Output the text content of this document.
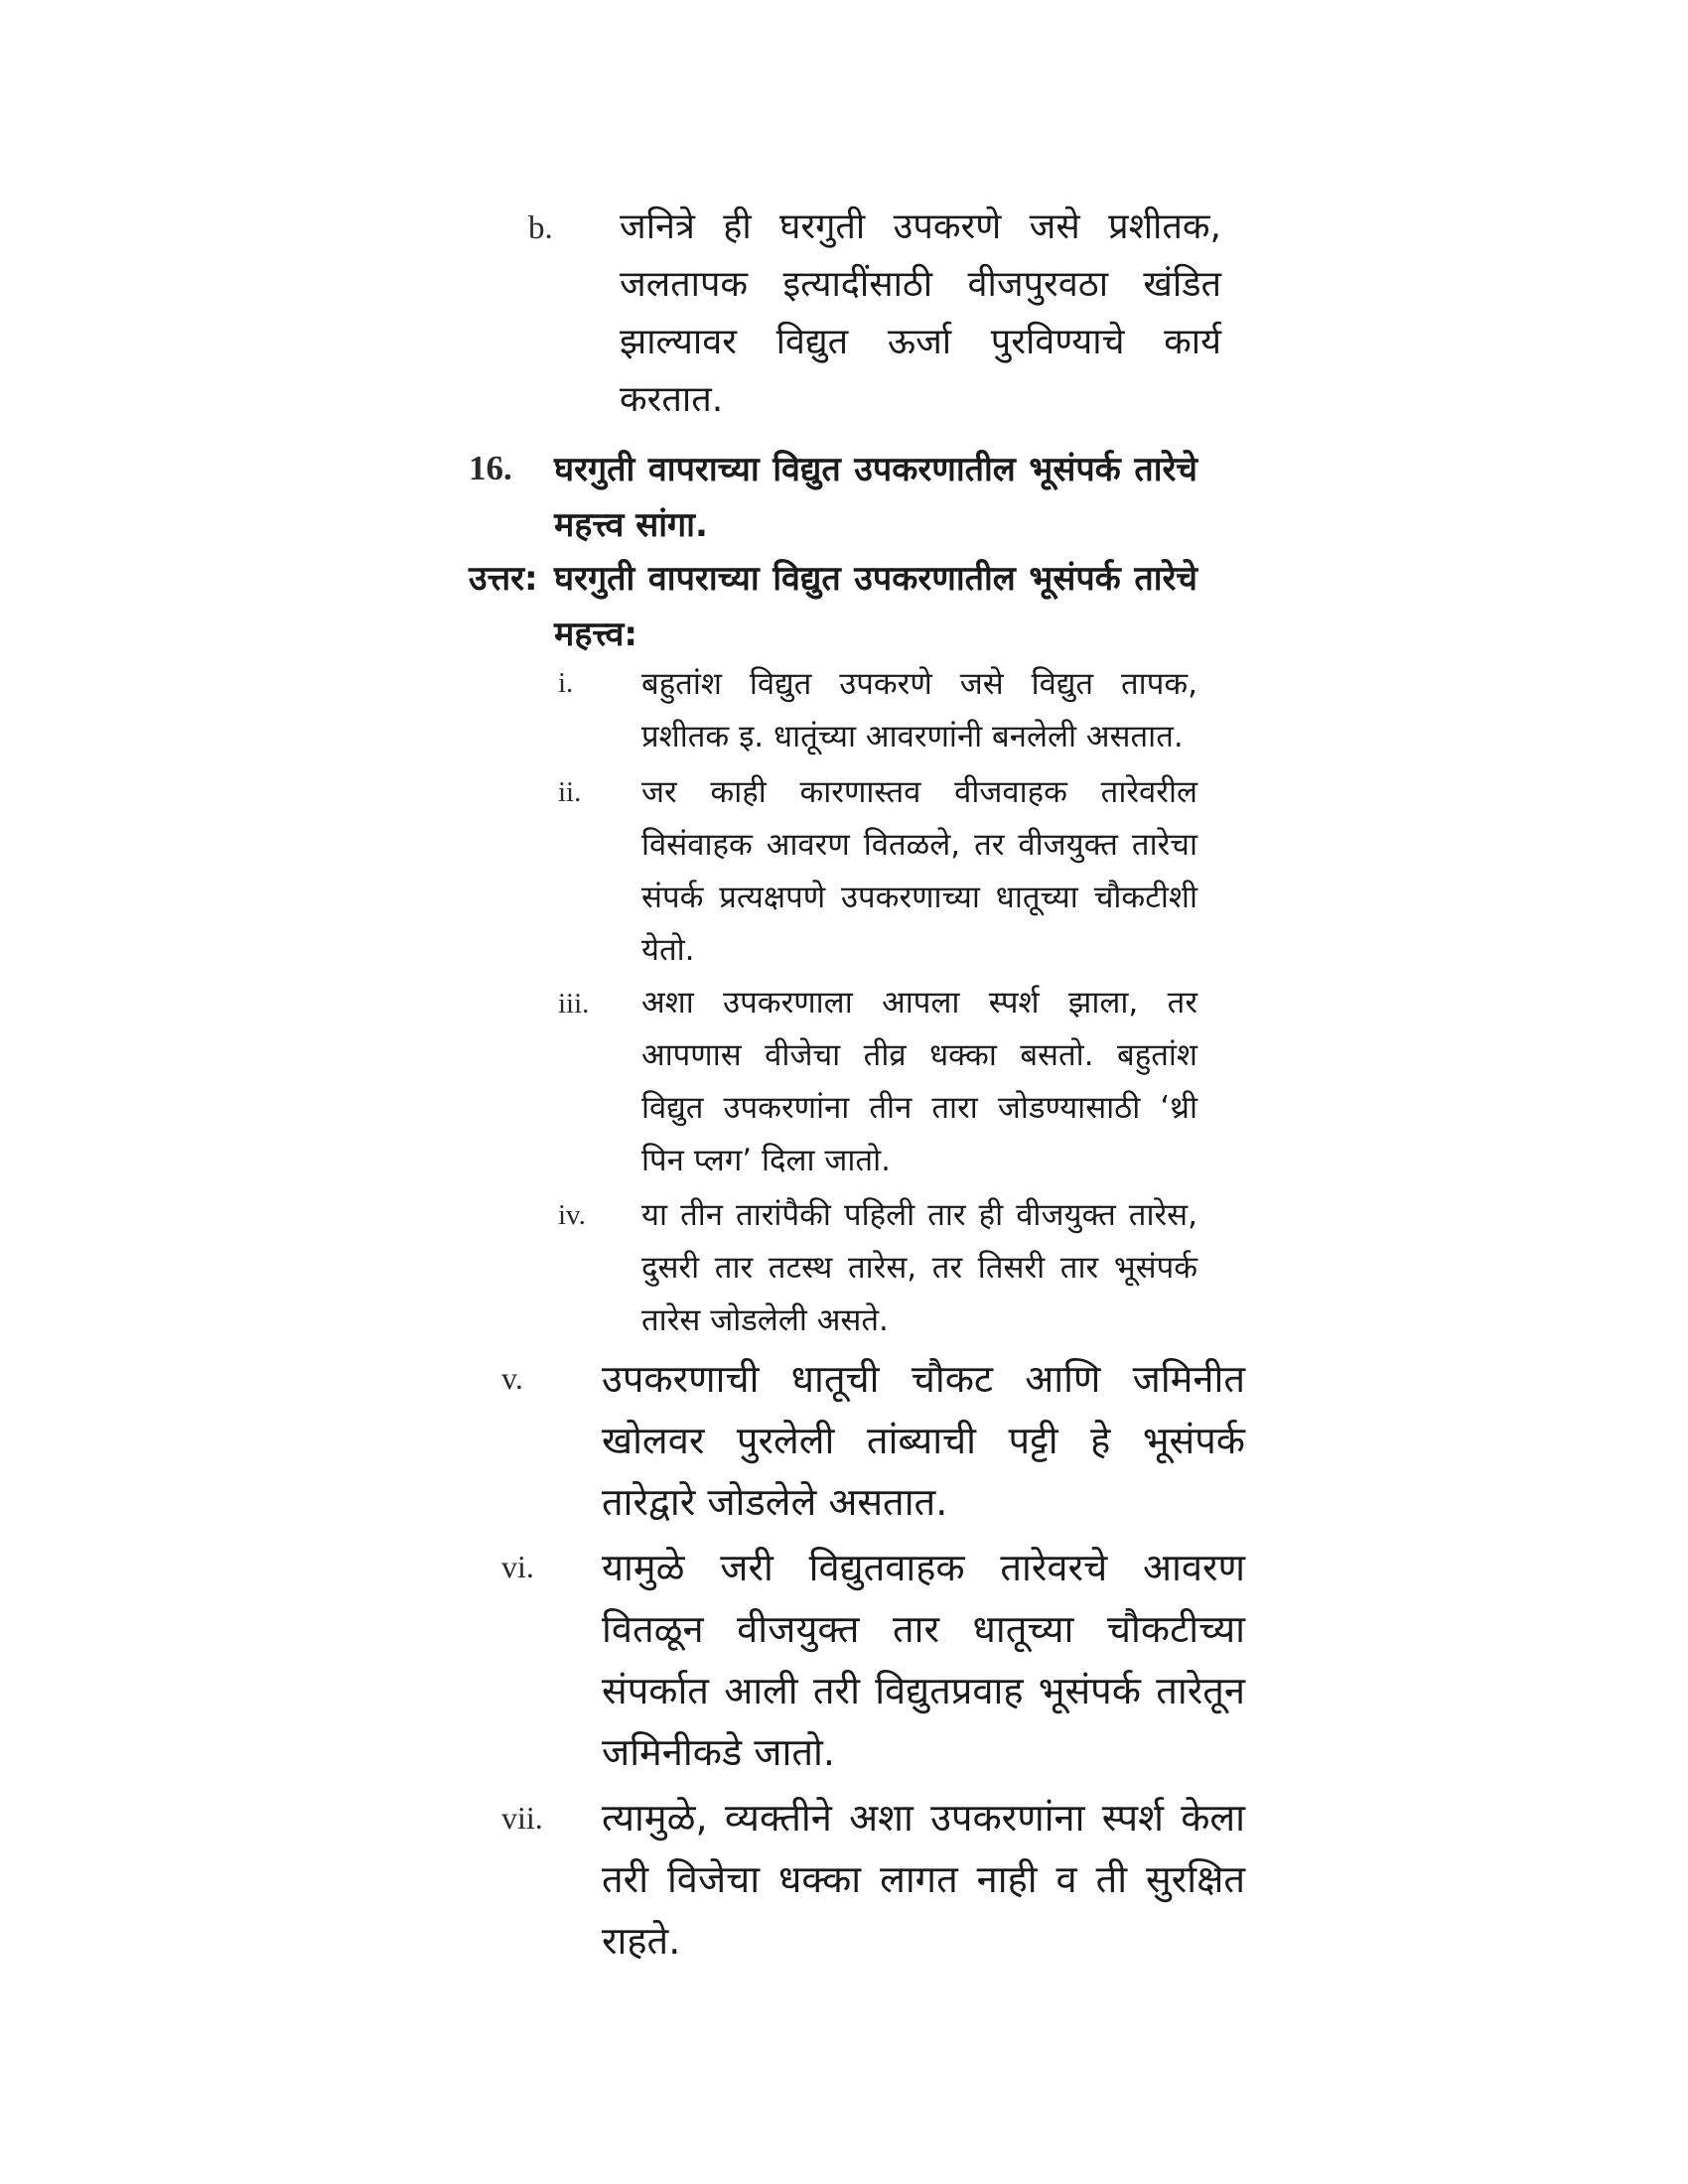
b. जनित्रे ही घरगुती उपकरणे जसे प्रशीतक, जलतापक इत्यादींसाठी वीजपुरवठा खंडित झाल्यावर विद्युत ऊर्जा पुरविण्याचे कार्य करतात.
16. घरगुती वापराच्या विद्युत उपकरणातील भूसंपर्क तारेचे महत्त्व सांगा.
उत्तर: घरगुती वापराच्या विद्युत उपकरणातील भूसंपर्क तारेचे महत्त्व:
i. बहुतांश विद्युत उपकरणे जसे विद्युत तापक, प्रशीतक इ. धातूंच्या आवरणांनी बनलेली असतात.
ii. जर काही कारणास्तव वीजवाहक तारेवरील विसंवाहक आवरण वितळले, तर वीजयुक्त तारेचा संपर्क प्रत्यक्षपणे उपकरणाच्या धातूच्या चौकटीशी येतो.
iii. अशा उपकरणाला आपला स्पर्श झाला, तर आपणास वीजेचा तीव्र धक्का बसतो. बहुतांश विद्युत उपकरणांना तीन तारा जोडण्यासाठी ‘थ्री पिन प्लग’ दिला जातो.
iv. या तीन तारांपैकी पहिली तार ही वीजयुक्त तारेस, दुसरी तार तटस्थ तारेस, तर तिसरी तार भूसंपर्क तारेस जोडलेली असते.
v. उपकरणाची धातूची चौकट आणि जमिनीत खोलवर पुरलेली तांब्याची पट्टी हे भूसंपर्क तारेद्वारे जोडलेले असतात.
vi. यामुळे जरी विद्युतवाहक तारेवरचे आवरण वितळून वीजयुक्त तार धातूच्या चौकटीच्या संपर्कात आली तरी विद्युतप्रवाह भूसंपर्क तारेतून जमिनीकडे जातो.
vii. त्यामुळे, व्यक्तीने अशा उपकरणांना स्पर्श केला तरी विजेचा धक्का लागत नाही व ती सुरक्षित राहते.
